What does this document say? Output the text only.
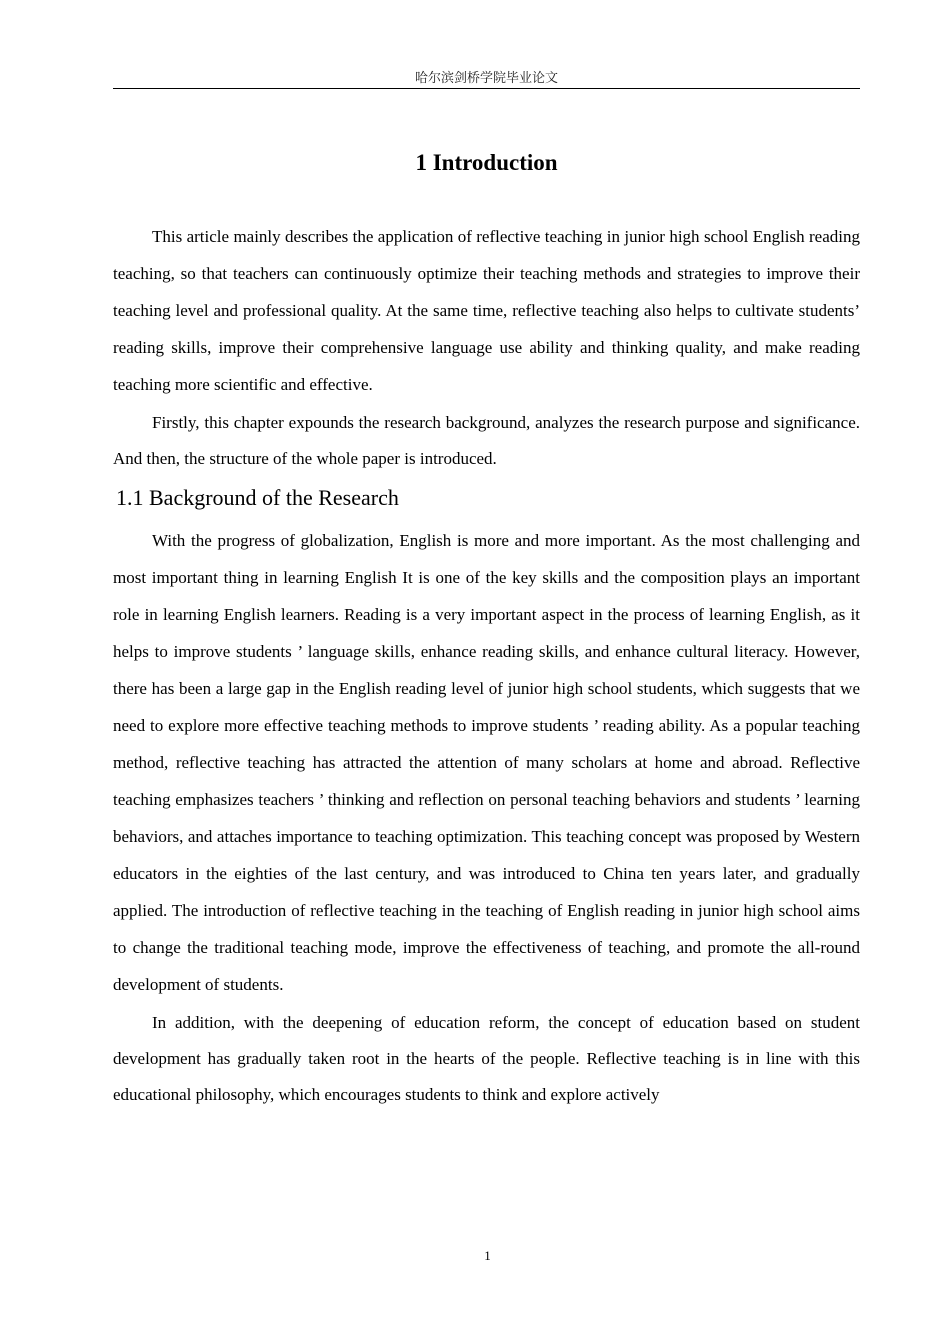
哈尔滨剑桥学院毕业论文
1 Introduction

This article mainly describes the application of reflective teaching in junior high school English reading teaching, so that teachers can continuously optimize their teaching methods and strategies to improve their teaching level and professional quality. At the same time, reflective teaching also helps to cultivate students’ reading skills, improve their comprehensive language use ability and thinking quality, and make reading teaching more scientific and effective.

Firstly, this chapter expounds the research background, analyzes the research purpose and significance. And then, the structure of the whole paper is introduced.

1.1 Background of the Research

With the progress of globalization, English is more and more important. As the most challenging and most important thing in learning English It is one of the key skills and the composition plays an important role in learning English learners. Reading is a very important aspect in the process of learning English, as it helps to improve students ’ language skills, enhance reading skills, and enhance cultural literacy. However, there has been a large gap in the English reading level of junior high school students, which suggests that we need to explore more effective teaching methods to improve students ’ reading ability. As a popular teaching method, reflective teaching has attracted the attention of many scholars at home and abroad. Reflective teaching emphasizes teachers ’ thinking and reflection on personal teaching behaviors and students ’ learning behaviors, and attaches importance to teaching optimization. This teaching concept was proposed by Western educators in the eighties of the last century, and was introduced to China ten years later, and gradually applied. The introduction of reflective teaching in the teaching of English reading in junior high school aims to change the traditional teaching mode, improve the effectiveness of teaching, and promote the all-round development of students.

In addition, with the deepening of education reform, the concept of education based on student development has gradually taken root in the hearts of the people. Reflective teaching is in line with this educational philosophy, which encourages students to think and explore actively

1
